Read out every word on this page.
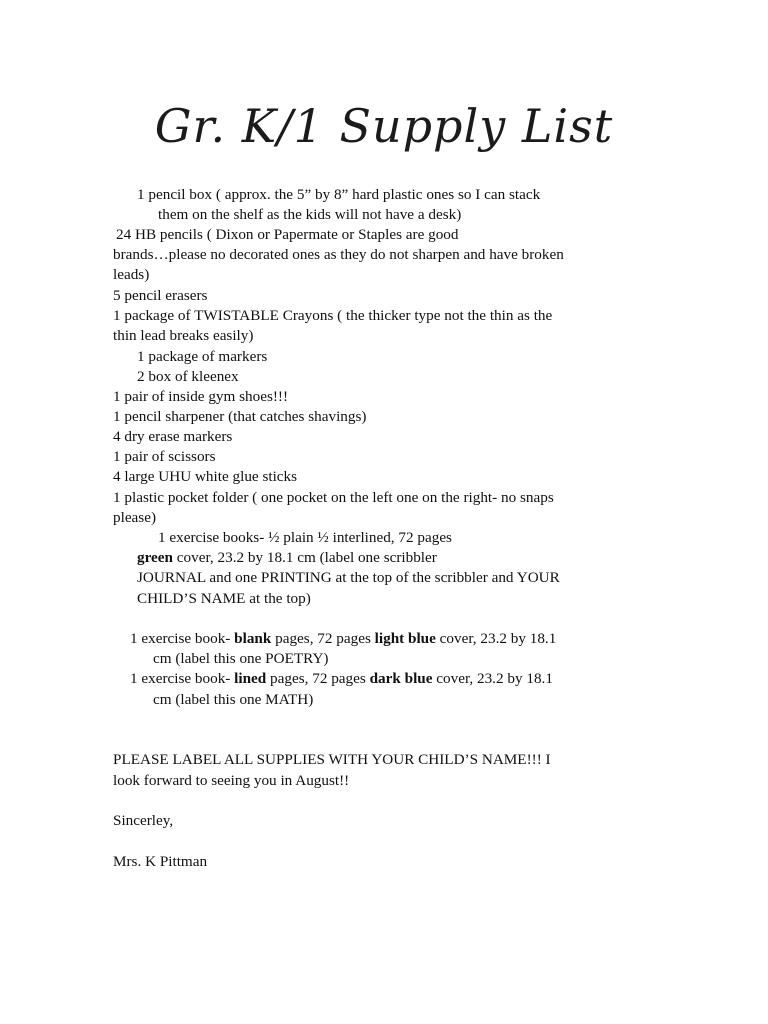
Gr. K/1 Supply List
1 pencil box ( approx. the 5” by 8” hard plastic ones so I can stack
them on the shelf as the kids will not have a desk)
24 HB pencils ( Dixon or Papermate or Staples are good
brands…please no decorated ones as they do not sharpen and have broken
leads)
5 pencil erasers
1 package of TWISTABLE Crayons ( the thicker type not the thin as the
thin lead breaks easily)
1 package of markers
2 box of kleenex
1 pair of inside gym shoes!!!
1 pencil sharpener (that catches shavings)
4 dry erase markers
1 pair of scissors
4 large UHU white glue sticks
1 plastic pocket folder ( one pocket on the left one on the right- no snaps
please)
1 exercise books- ½ plain ½ interlined, 72 pages
green cover, 23.2 by 18.1 cm (label one scribbler
JOURNAL and one PRINTING at the top of the scribbler and YOUR
CHILD’S NAME at the top)
1 exercise book- blank pages, 72 pages light blue cover, 23.2 by 18.1
cm (label this one POETRY)
1 exercise book- lined pages, 72 pages dark blue cover, 23.2 by 18.1
cm (label this one MATH)
PLEASE LABEL ALL SUPPLIES WITH YOUR CHILD’S NAME!!! I
look forward to seeing you in August!!
Sincerley,
Mrs. K Pittman
